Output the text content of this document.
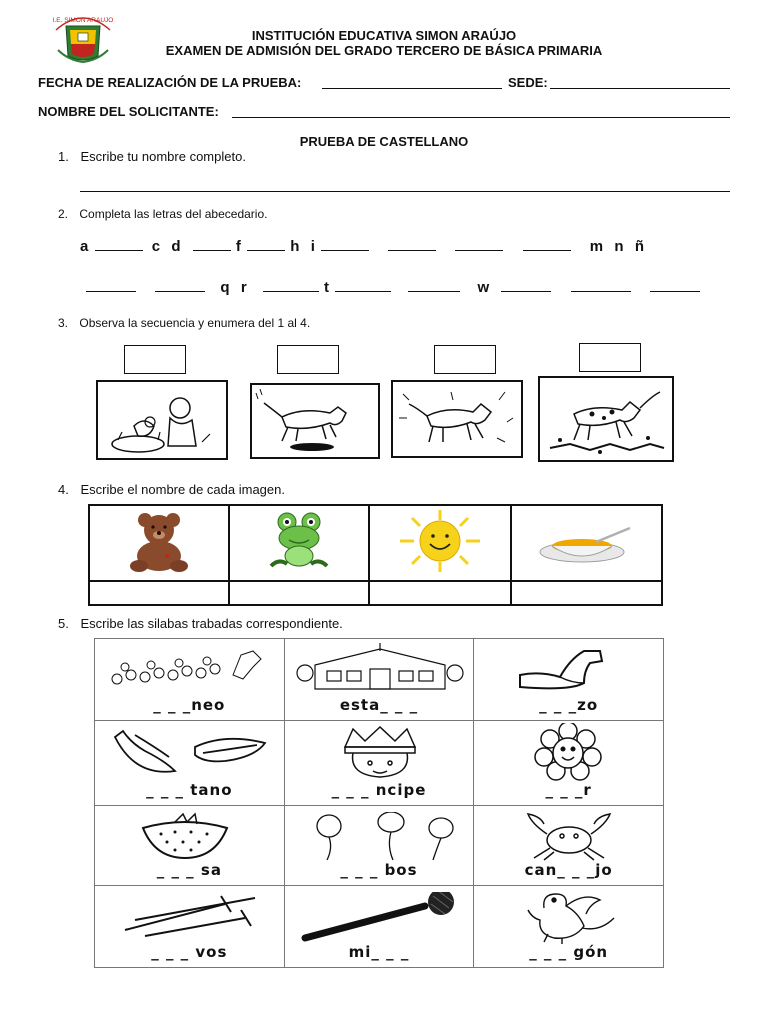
I.E. SIMON ARAUJO
INSTITUCIÓN EDUCATIVA SIMON ARAÚJO
EXAMEN DE ADMISIÓN DEL GRADO TERCERO DE BÁSICA PRIMARIA
FECHA DE REALIZACIÓN DE LA PRUEBA:	SEDE:
NOMBRE DEL SOLICITANTE:
PRUEBA DE CASTELLANO
1. Escribe tu nombre completo.
2. Completa las letras del abecedario.
a	c  d	f	h  i	m  n  ñ
q  r	t	w
3. Observa la secuencia y enumera del 1 al 4.
4. Escribe el nombre de cada imagen.

5. Escribe las silabas trabadas correspondiente.
_ _ _neo	esta_ _ _	_ _ _zo

_ _ _ tano	_ _ _ ncipe	_ _ _r

_ _ _ sa	_ _ _ bos	can_ _ _jo

_ _ _ vos	mi_ _ _	_ _ _ gón
